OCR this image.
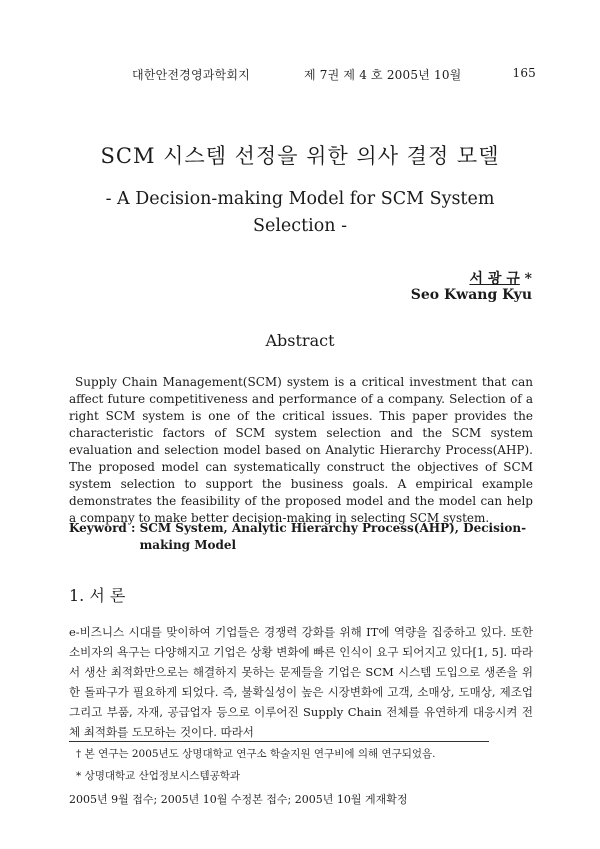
대한안전경영과학회지	제 7권 제 4 호 2005년 10월	165
SCM 시스템 선정을 위한 의사 결정 모델
- A Decision-making Model for SCM System
Selection -
서 광 규 *
Seo Kwang Kyu
Abstract
Supply Chain Management(SCM) system is a critical investment that can affect future competitiveness and performance of a company. Selection of a right SCM system is one of the critical issues. This paper provides the characteristic factors of SCM system selection and the SCM system evaluation and selection model based on Analytic Hierarchy Process(AHP). The proposed model can systematically construct the objectives of SCM system selection to support the business goals. A empirical example demonstrates the feasibility of the proposed model and the model can help a company to make better decision-making in selecting SCM system.
Keyword : SCM System, Analytic Hierarchy Process(AHP), Decision-making Model
1. 서 론
e-비즈니스 시대를 맞이하여 기업들은 경쟁력 강화를 위해 IT에 역량을 집중하고 있다. 또한 소비자의 욕구는 다양해지고 기업은 상황 변화에 빠른 인식이 요구 되어지고 있다[1, 5]. 따라서 생산 최적화만으로는 해결하지 못하는 문제들을 기업은 SCM 시스템 도입으로 생존을 위한 돌파구가 필요하게 되었다. 즉, 불확실성이 높은 시장변화에 고객, 소매상, 도매상, 제조업 그리고 부품, 자재, 공급업자 등으로 이루어진 Supply Chain 전체를 유연하게 대응시켜 전체 최적화를 도모하는 것이다. 따라서
† 본 연구는 2005년도 상명대학교 연구소 학술지원 연구비에 의해 연구되었음.
* 상명대학교 산업정보시스템공학과
2005년 9월 접수; 2005년 10월 수정본 접수; 2005년 10월 게재확정
